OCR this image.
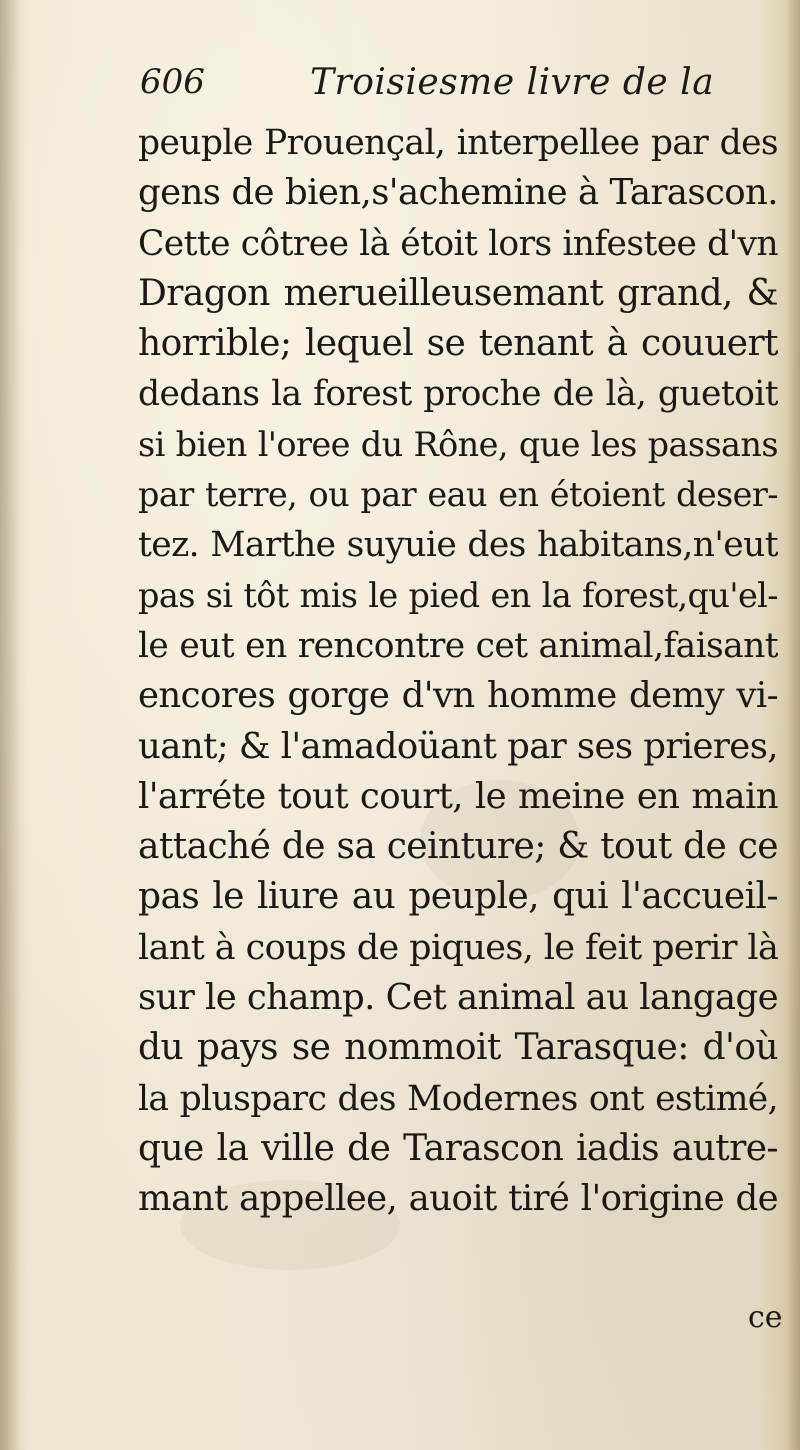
606	Troisiesme livre de la
peuple Prouençal, interpellee par des
gens de bien,s'achemine à Tarascon.
Cette côtree là étoit lors infestee d'vn
Dragon merueilleusemant grand, &
horrible; lequel se tenant à couuert
dedans la forest proche de là, guetoit
si bien l'oree du Rône, que les passans
par terre, ou par eau en étoient deser-
tez. Marthe suyuie des habitans,n'eut
pas si tôt mis le pied en la forest,qu'el-
le eut en rencontre cet animal,faisant
encores gorge d'vn homme demy vi-
uant; & l'amadoüant par ses prieres,
l'arréte tout court, le meine en main
attaché de sa ceinture; & tout de ce
pas le liure au peuple, qui l'accueil-
lant à coups de piques, le feit perir là
sur le champ. Cet animal au langage
du pays se nommoit Tarasque: d'où
la plusparc des Modernes ont estimé,
que la ville de Tarascon iadis autre-
mant appellee, auoit tiré l'origine de
ce
